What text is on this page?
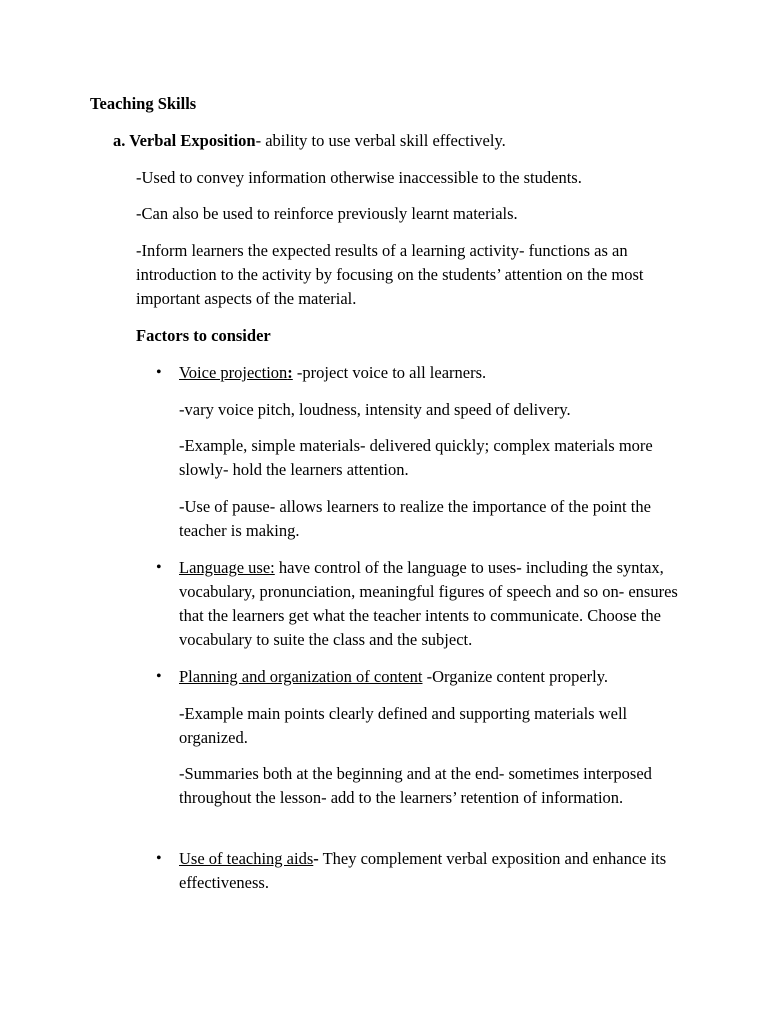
Teaching Skills
a. Verbal Exposition- ability to use verbal skill effectively.
-Used to convey information otherwise inaccessible to the students.
-Can also be used to reinforce previously learnt materials.
-Inform learners the expected results of a learning activity- functions as an introduction to the activity by focusing on the students’ attention on the most important aspects of the material.
Factors to consider
• Voice projection: -project voice to all learners.
-vary voice pitch, loudness, intensity and speed of delivery.
-Example, simple materials- delivered quickly; complex materials more slowly- hold the learners attention.
-Use of pause- allows learners to realize the importance of the point the teacher is making.
• Language use: have control of the language to uses- including the syntax, vocabulary, pronunciation, meaningful figures of speech and so on- ensures that the learners get what the teacher intents to communicate. Choose the vocabulary to suite the class and the subject.
• Planning and organization of content -Organize content properly.
-Example main points clearly defined and supporting materials well organized.
-Summaries both at the beginning and at the end- sometimes interposed throughout the lesson- add to the learners’ retention of information.
• Use of teaching aids- They complement verbal exposition and enhance its effectiveness.
